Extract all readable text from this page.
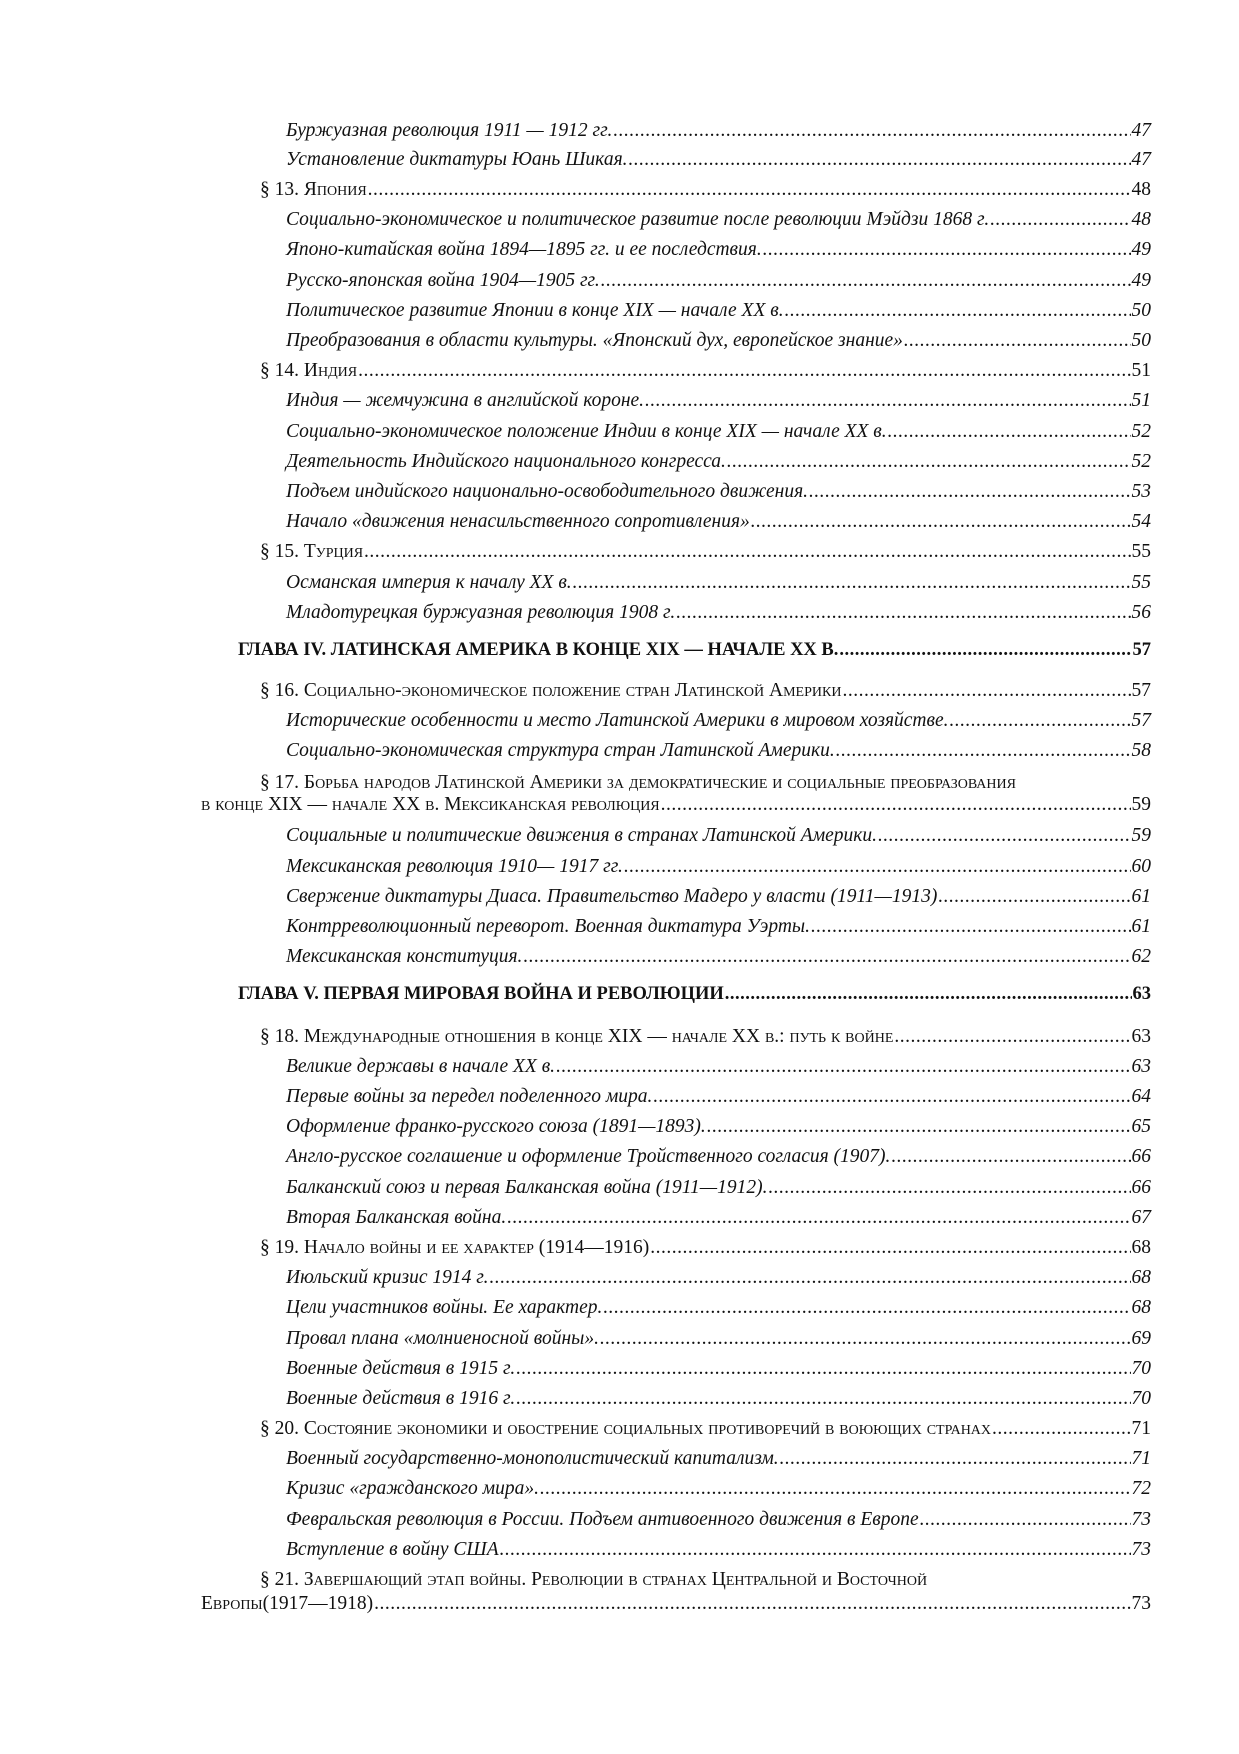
Буржуазная революция 1911 — 1912 гг. .....	47
Установление диктатуры Юань Шикая. .....	47
§ 13. Япония .....	48
Социально-экономическое и политическое развитие после революции Мэйдзи 1868 г. .....	48
Японо-китайская война 1894—1895 гг. и ее последствия. .....	49
Русско-японская война 1904—1905 гг. .....	49
Политическое развитие Японии в конце XIX — начале XX в. .....	50
Преобразования в области культуры. «Японский дух, европейское знание» .....	50
§ 14. Индия .....	51
Индия — жемчужина в английской короне. .....	51
Социально-экономическое положение Индии в конце XIX — начале XX в. .....	52
Деятельность Индийского национального конгресса. .....	52
Подъем индийского национально-освободительного движения. .....	53
Начало «движения ненасильственного сопротивления» .....	54
§ 15. Турция .....	55
Османская империя к началу XX в. .....	55
Младотурецкая буржуазная революция 1908 г. .....	56
ГЛАВА IV. ЛАТИНСКАЯ АМЕРИКА В КОНЦЕ XIX — НАЧАЛЕ XX В. .....	57
§ 16. Социально-экономическое положение стран Латинской Америки .....	57
Исторические особенности и место Латинской Америки в мировом хозяйстве. .....	57
Социально-экономическая структура стран Латинской Америки. .....	58
§ 17. Борьба народов Латинской Америки за демократические и социальные преобразования
в конце XIX — начале XX в. Мексиканская революция .....	59
Социальные и политические движения в странах Латинской Америки. .....	59
Мексиканская революция 1910— 1917 гг. .....	60
Свержение диктатуры Диаса. Правительство Мадеро у власти (1911—1913) .....	61
Контрреволюционный переворот. Военная диктатура Уэрты. .....	61
Мексиканская конституция. .....	62
ГЛАВА V. ПЕРВАЯ МИРОВАЯ ВОЙНА И РЕВОЛЮЦИИ .....	63
§ 18. Международные отношения в конце XIX — начале XX в.: путь к войне .....	63
Великие державы в начале XX в. .....	63
Первые войны за передел поделенного мира. .....	64
Оформление франко-русского союза (1891—1893). .....	65
Англо-русское соглашение и оформление Тройственного согласия (1907). .....	66
Балканский союз и первая Балканская война (1911—1912). .....	66
Вторая Балканская война. .....	67
§ 19. Начало войны и ее характер (1914—1916) .....	68
Июльский кризис 1914 г. .....	68
Цели участников войны. Ее характер. .....	68
Провал плана «молниеносной войны». .....	69
Военные действия в 1915 г. .....	70
Военные действия в 1916 г. .....	70
§ 20. Состояние экономики и обострение социальных противоречий в воюющих странах .....	71
Военный государственно-монополистический капитализм. .....	71
Кризис «гражданского мира». .....	72
Февральская революция в России. Подъем антивоенного движения в Европе .....	73
Вступление в войну США .....	73
§ 21. Завершающий этап войны. Революции в странах Центральной и Восточной
Европы(1917—1918) .....	73
